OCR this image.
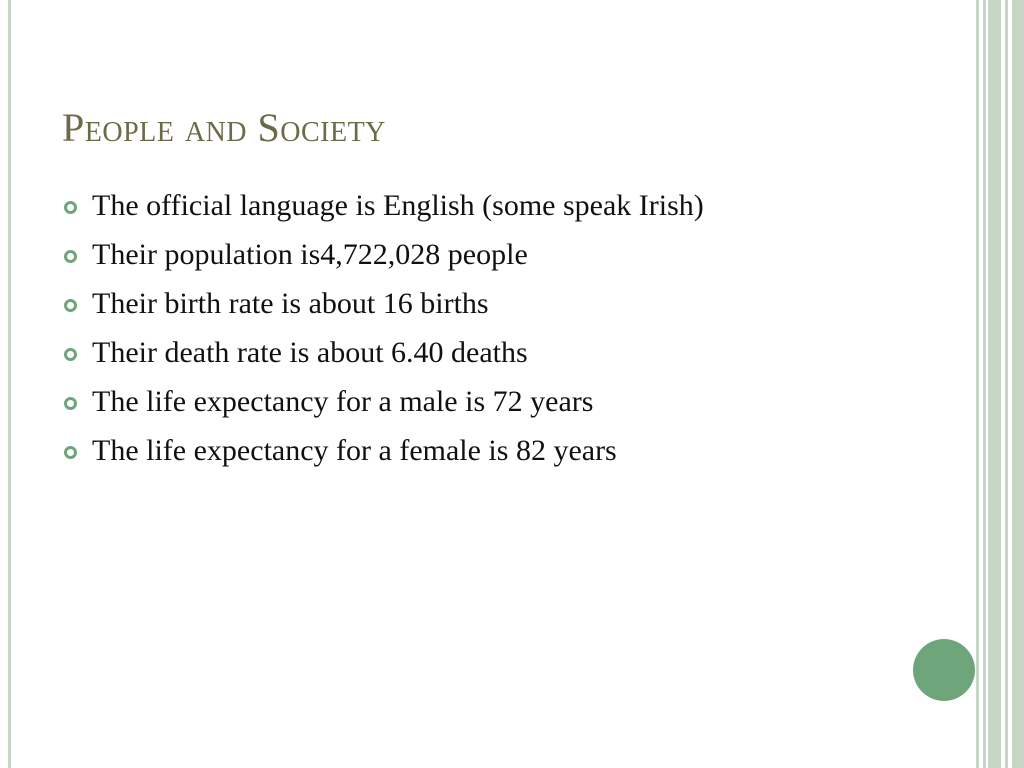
People and Society
The official language is English (some speak Irish)
Their population is4,722,028 people
Their birth rate is about 16 births
Their death rate is about 6.40 deaths
The life expectancy for a male is 72 years
The life expectancy for a female is 82 years
